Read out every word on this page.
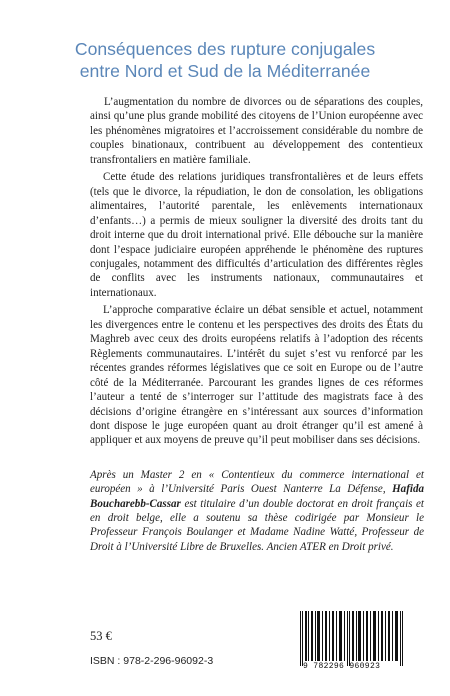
Conséquences des rupture conjugales
entre Nord et Sud de la Méditerranée

L’augmentation du nombre de divorces ou de séparations des couples, ainsi qu’une plus grande mobilité des citoyens de l’Union européenne avec les phénomènes migratoires et l’accroissement considérable du nombre de couples binationaux, contribuent au développement des contentieux transfrontaliers en matière familiale.

Cette étude des relations juridiques transfrontalières et de leurs effets (tels que le divorce, la répudiation, le don de consolation, les obligations alimentaires, l’autorité parentale, les enlèvements internationaux d’enfants…) a permis de mieux souligner la diversité des droits tant du droit interne que du droit international privé. Elle débouche sur la manière dont l’espace judiciaire européen appréhende le phénomène des ruptures conjugales, notamment des difficultés d’articulation des différentes règles de conflits avec les instruments nationaux, communautaires et internationaux.

L’approche comparative éclaire un débat sensible et actuel, notamment les divergences entre le contenu et les perspectives des droits des États du Maghreb avec ceux des droits européens relatifs à l’adoption des récents Règlements communautaires. L’intérêt du sujet s’est vu renforcé par les récentes grandes réformes législatives que ce soit en Europe ou de l’autre côté de la Méditerranée. Parcourant les grandes lignes de ces réformes l’auteur a tenté de s’interroger sur l’attitude des magistrats face à des décisions d’origine étrangère en s’intéressant aux sources d’information dont dispose le juge européen quant au droit étranger qu’il est amené à appliquer et aux moyens de preuve qu’il peut mobiliser dans ses décisions.

Après un Master 2 en « Contentieux du commerce international et européen » à l’Université Paris Ouest Nanterre La Défense, Hafida Boucharebb-Cassar est titulaire d’un double doctorat en droit français et en droit belge, elle a soutenu sa thèse codirigée par Monsieur le Professeur François Boulanger et Madame Nadine Watté, Professeur de Droit à l’Université Libre de Bruxelles. Ancien ATER en Droit privé.
53 €
ISBN : 978-2-296-96092-3	9 782296 960923
